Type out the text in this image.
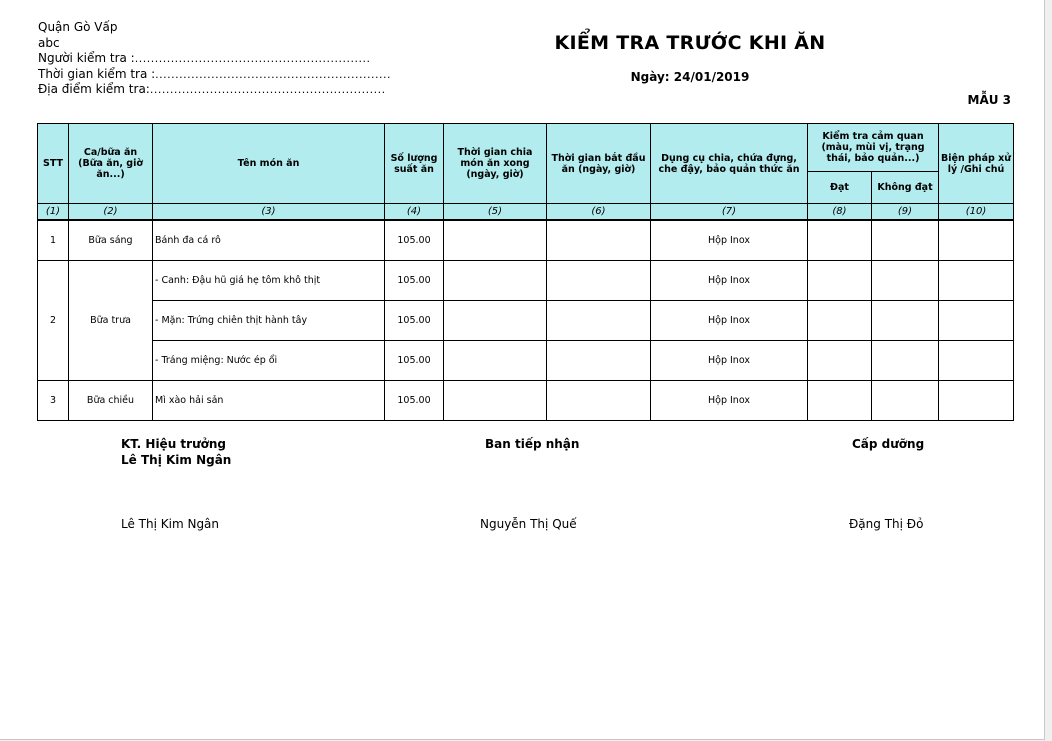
Quận Gò Vấp
abc
Người kiểm tra :...........................................................
Thời gian kiểm tra :...........................................................
Địa điểm kiểm tra:...........................................................
KIỂM TRA TRƯỚC KHI ĂN
Ngày: 24/01/2019
MẪU 3
STT	Ca/bữa ăn (Bữa ăn, giờ ăn...)	Tên món ăn	Số lượng suất ăn	Thời gian chia món ăn xong (ngày, giờ)	Thời gian bắt đầu ăn (ngày, giờ)	Dụng cụ chia, chứa đựng, che đậy, bảo quản thức ăn	Kiểm tra cảm quan (màu, mùi vị, trạng thái, bảo quản...)		Biện pháp xử lý /Ghi chú
							Đạt	Không đạt	
(1)	(2)	(3)	(4)	(5)	(6)	(7)	(8)	(9)	(10)
1	Bữa sáng	Bánh đa cá rô	105.00			Hộp Inox			
2	Bữa trưa	- Canh: Đậu hũ giá hẹ tôm khô thịt	105.00			Hộp Inox			
		- Mặn: Trứng chiên thịt hành tây	105.00			Hộp Inox			
		- Tráng miệng: Nước ép ổi	105.00			Hộp Inox			
3	Bữa chiều	Mì xào hải sản	105.00			Hộp Inox			
KT. Hiệu trưởng
Lê Thị Kim Ngân
Ban tiếp nhận	Cấp dưỡng
Lê Thị Kim Ngân	Nguyễn Thị Quế	Đặng Thị Đỏ
